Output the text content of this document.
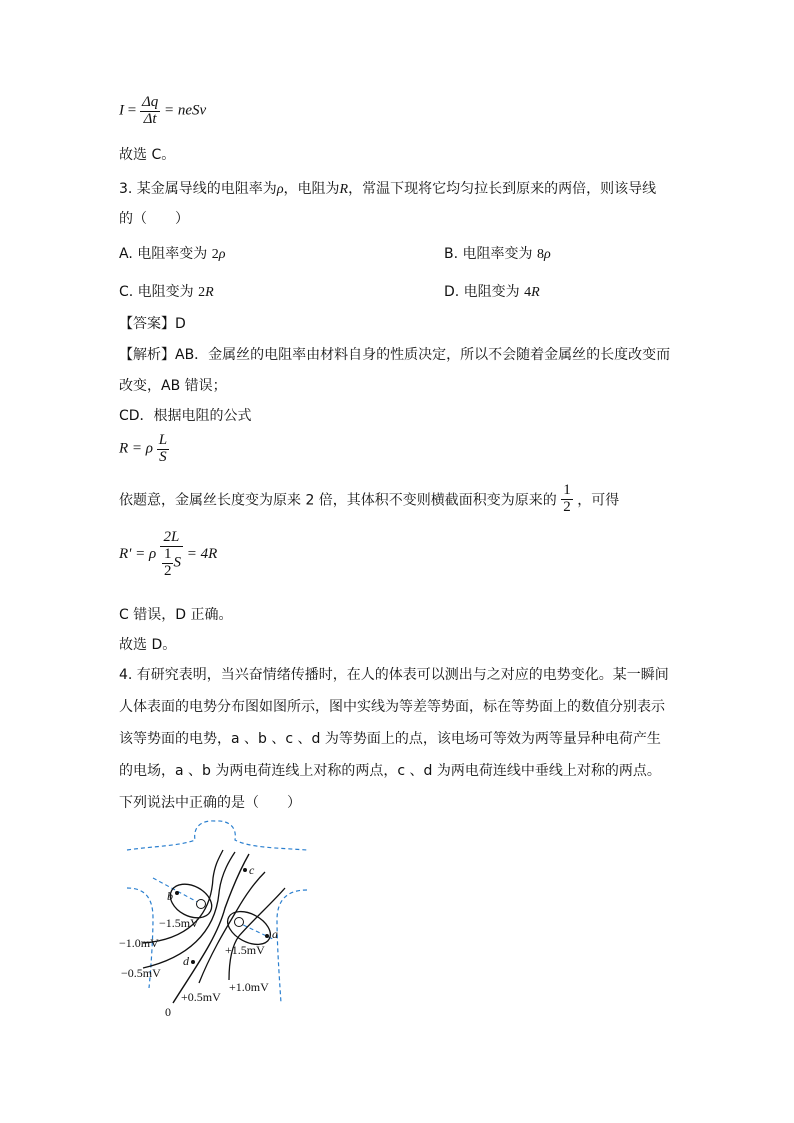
$I = \frac{\Delta q}{\Delta t}$ = neSv
故选 C。
3. 某金属导线的电阻率为ρ，电阻为R，常温下现将它均匀拉长到原来的两倍，则该导线
的（　　）
A. 电阻率变为 2ρ	B. 电阻率变为 8ρ
C. 电阻变为 2R	D. 电阻变为 4R
【答案】D
【解析】AB．金属丝的电阻率由材料自身的性质决定，所以不会随着金属丝的长度改变而
改变，AB 错误；
CD．根据电阻的公式
R = ρ $\frac{L}{S}$
依题意，金属丝长度变为原来 2 倍，其体积不变则横截面积变为原来的 $\frac{1}{2}$ ，可得
R' = ρ $\frac{2L}{\frac{1}{2} S} = 4R$
C 错误，D 正确。
故选 D。
4. 有研究表明，当兴奋情绪传播时，在人的体表可以测出与之对应的电势变化。某一瞬间
人体表面的电势分布图如图所示，图中实线为等差等势面，标在等势面上的数值分别表示
该等势面的电势，a 、b 、c 、d 为等势面上的点，该电场可等效为两等量异种电荷产生
的电场，a 、b 为两电荷连线上对称的两点，c 、d 为两电荷连线中垂线上对称的两点。
下列说法中正确的是（　　）
c
b
a
d
−1.5mV
−1.0mV
−0.5mV
+1.5mV
+0.5mV
+1.0mV
0
